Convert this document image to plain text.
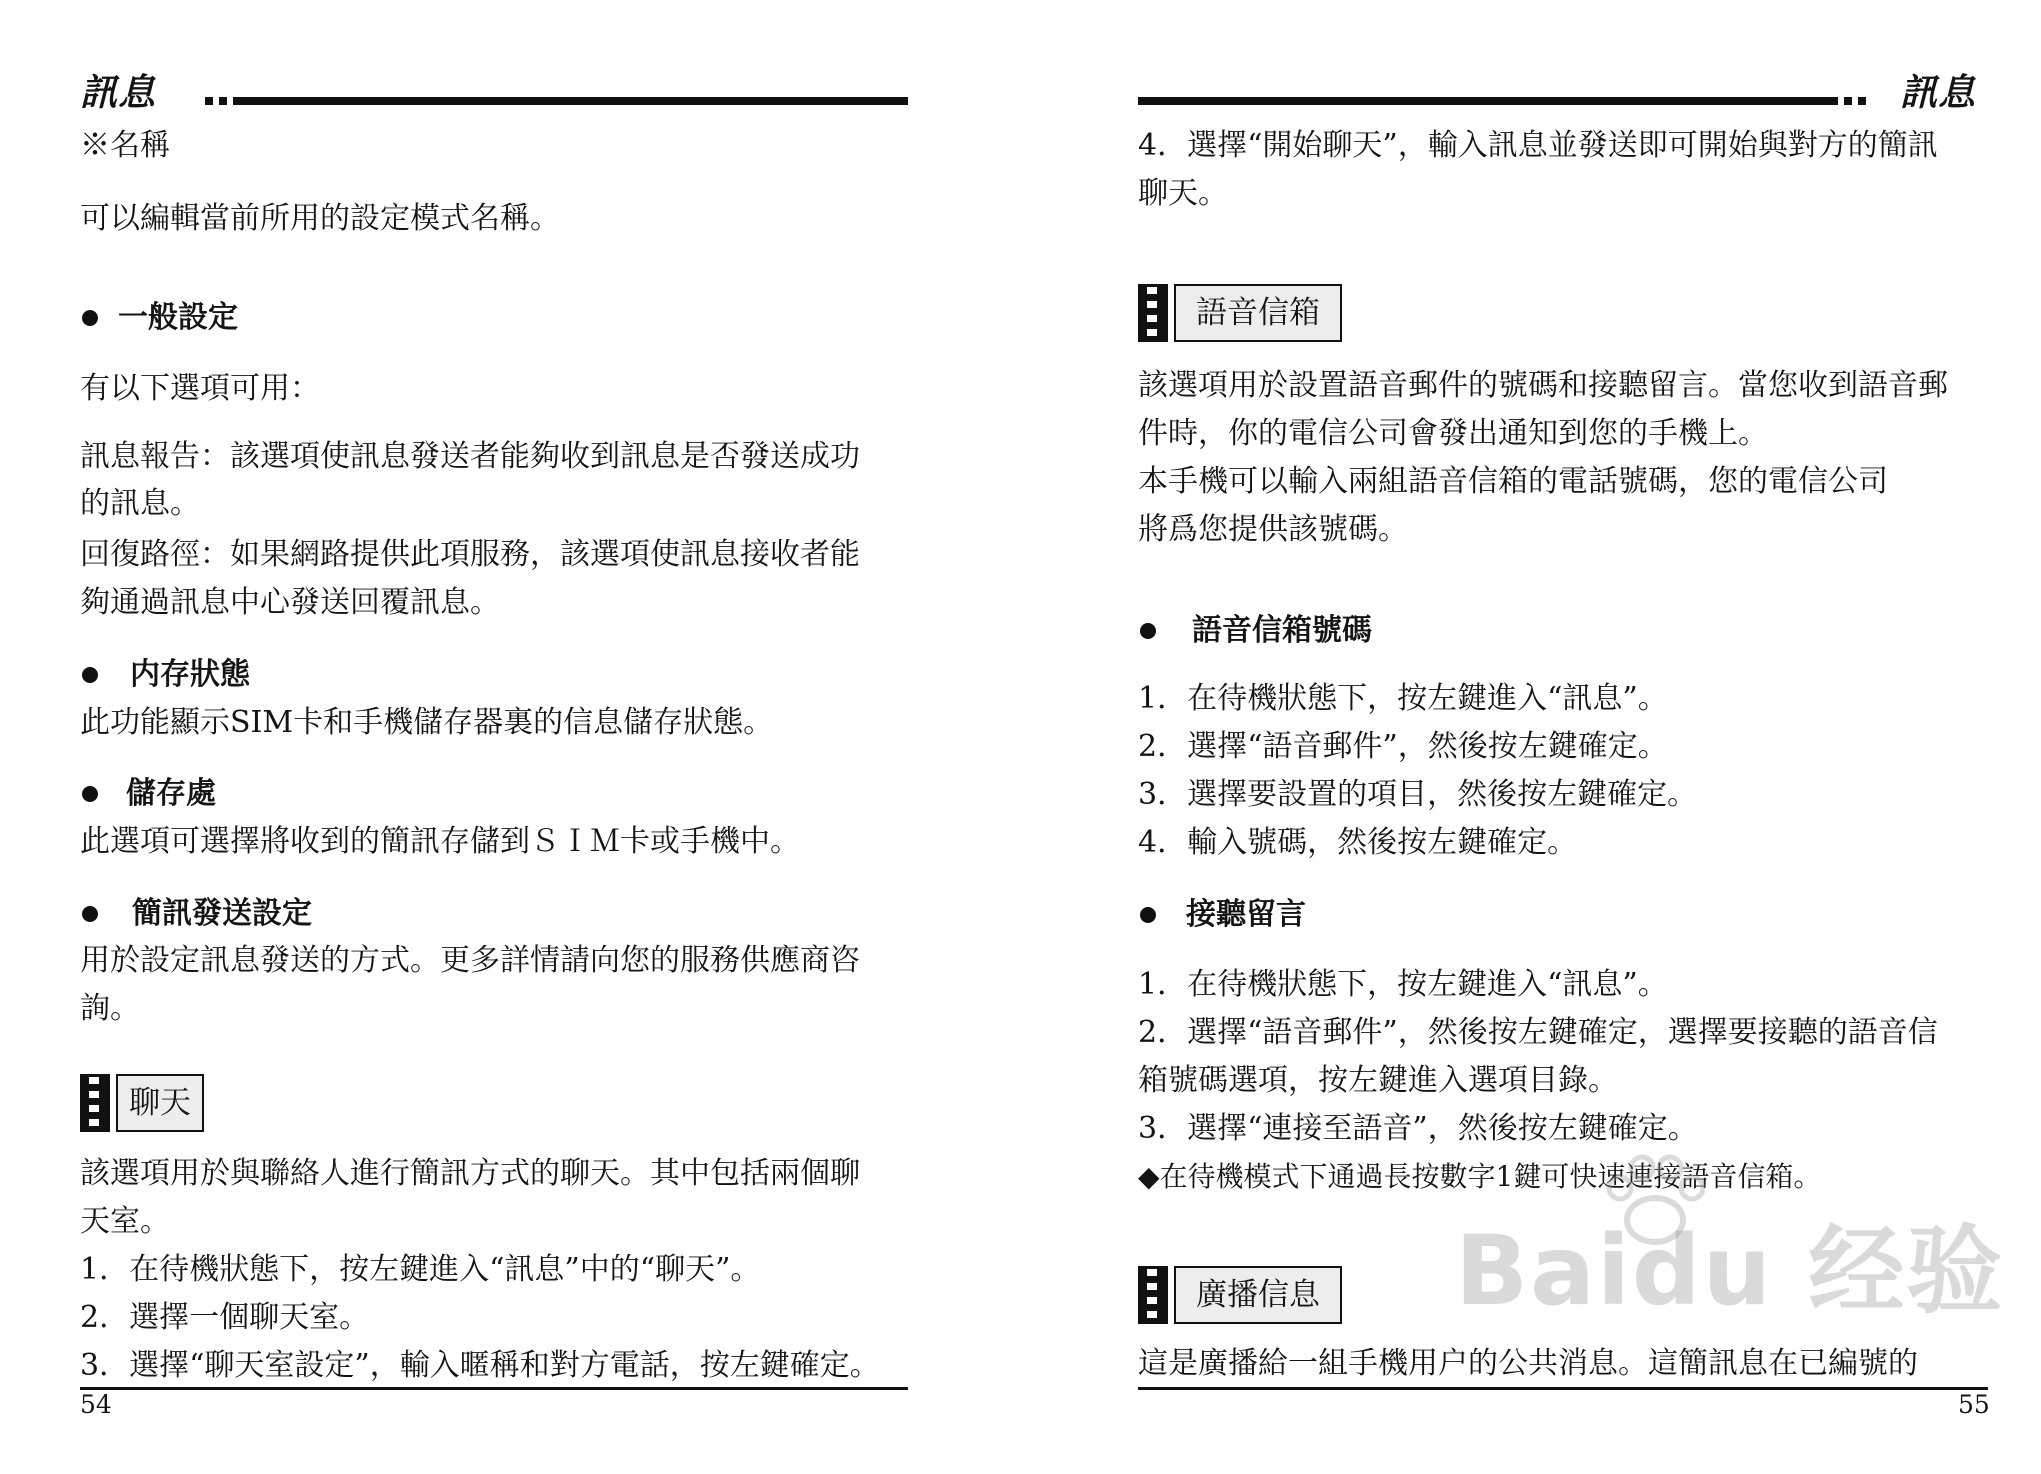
訊息
※名稱
可以編輯當前所用的設定模式名稱。
一般設定
有以下選項可用：
訊息報告：該選項使訊息發送者能夠收到訊息是否發送成功
的訊息。
回復路徑：如果網路提供此項服務，該選項使訊息接收者能
夠通過訊息中心發送回覆訊息。
内存狀態
此功能顯示SIM卡和手機儲存器裏的信息儲存狀態。
儲存處
此選項可選擇將收到的簡訊存儲到ＳＩＭ卡或手機中。
簡訊發送設定
用於設定訊息發送的方式。更多詳情請向您的服務供應商咨
詢。
聊天
該選項用於與聯絡人進行簡訊方式的聊天。其中包括兩個聊
天室。
1．在待機狀態下，按左鍵進入“訊息”中的“聊天”。
2．選擇一個聊天室。
3．選擇“聊天室設定”，輸入暱稱和對方電話，按左鍵確定。
54
訊息
4．選擇“開始聊天”，輸入訊息並發送即可開始與對方的簡訊
聊天。
語音信箱
該選項用於設置語音郵件的號碼和接聽留言。當您收到語音郵
件時，你的電信公司會發出通知到您的手機上。
本手機可以輸入兩組語音信箱的電話號碼，您的電信公司
將爲您提供該號碼。
語音信箱號碼
1．在待機狀態下，按左鍵進入“訊息”。
2．選擇“語音郵件”，然後按左鍵確定。
3．選擇要設置的項目，然後按左鍵確定。
4．輸入號碼，然後按左鍵確定。
接聽留言
1．在待機狀態下，按左鍵進入“訊息”。
2．選擇“語音郵件”，然後按左鍵確定，選擇要接聽的語音信
箱號碼選項，按左鍵進入選項目錄。
3．選擇“連接至語音”，然後按左鍵確定。
◆在待機模式下通過長按數字1鍵可快速連接語音信箱。
廣播信息
這是廣播給一組手機用户的公共消息。這簡訊息在已編號的
55
Baidu 经验
